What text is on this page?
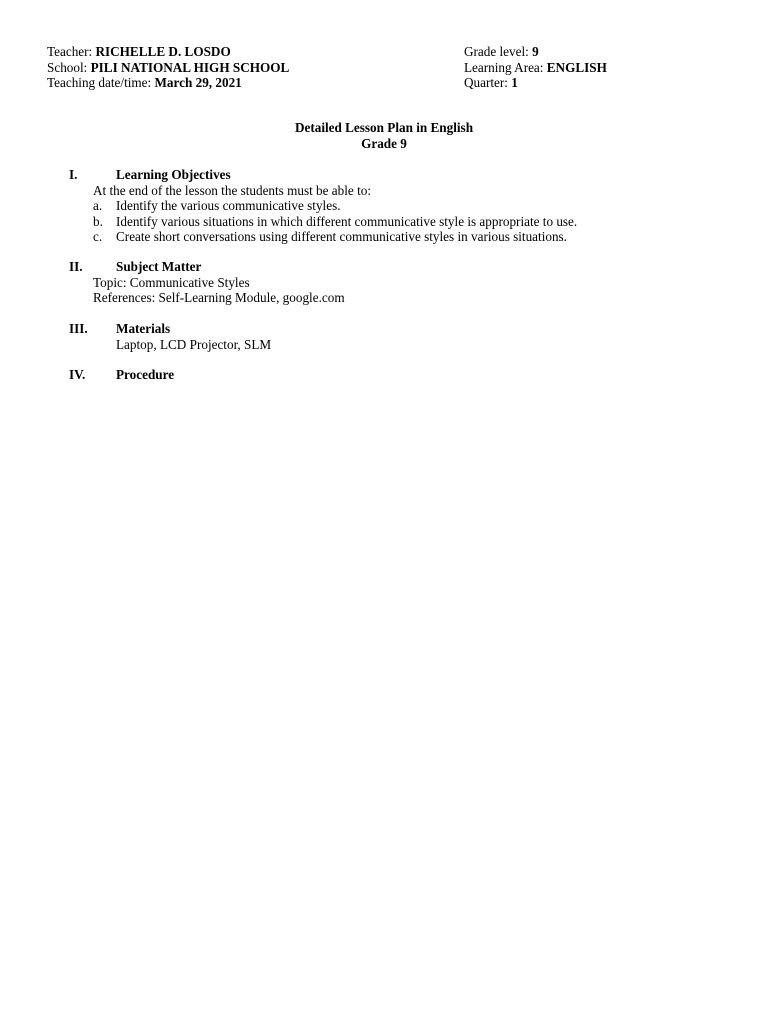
Teacher: RICHELLE D. LOSDO
School: PILI NATIONAL HIGH SCHOOL
Teaching date/time: March 29, 2021
Grade level: 9
Learning Area: ENGLISH
Quarter: 1
Detailed Lesson Plan in English
Grade 9
I.	Learning Objectives
At the end of the lesson the students must be able to:
a. Identify the various communicative styles.
b. Identify various situations in which different communicative style is appropriate to use.
c. Create short conversations using different communicative styles in various situations.
II.	Subject Matter
Topic: Communicative Styles
References: Self-Learning Module, google.com
III. Materials
Laptop, LCD Projector, SLM
IV. Procedure
